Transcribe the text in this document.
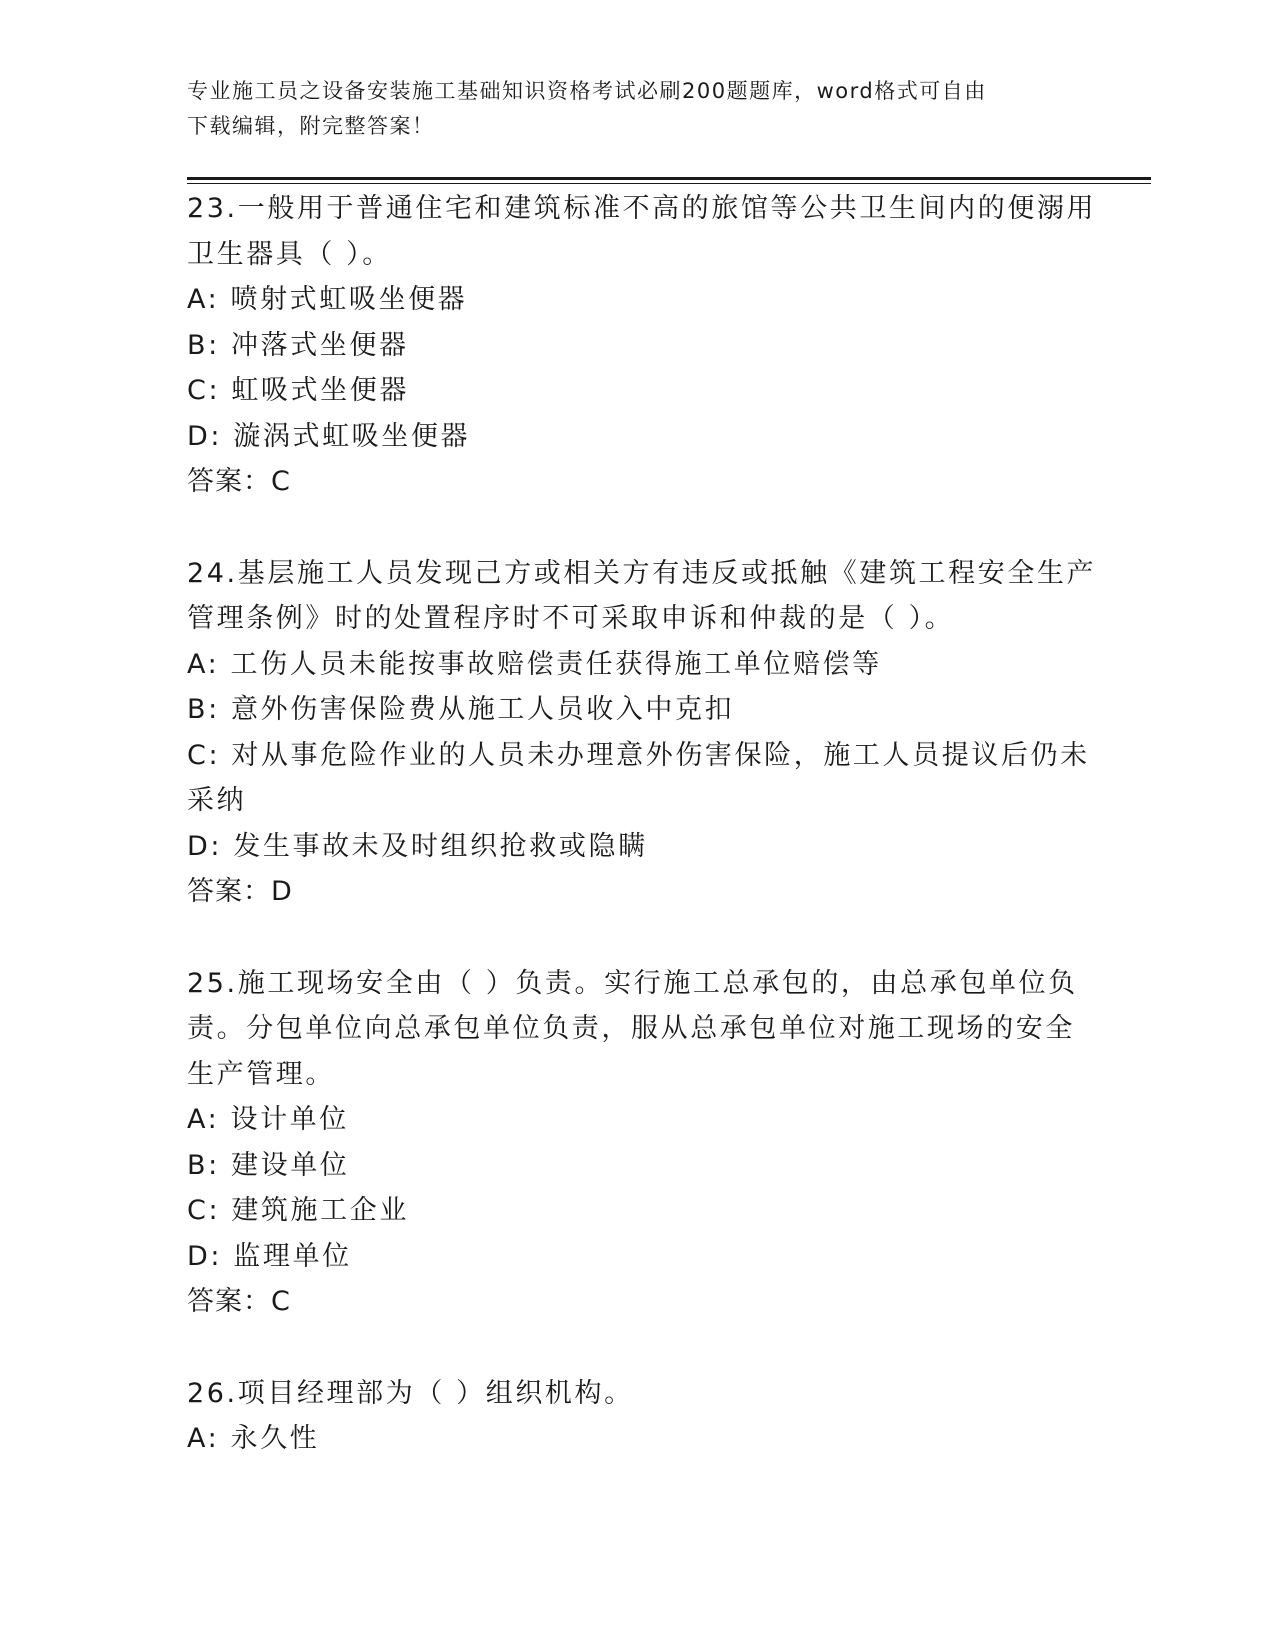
专业施工员之设备安装施工基础知识资格考试必刷200题题库，word格式可自由
下载编辑，附完整答案！
23.一般用于普通住宅和建筑标准不高的旅馆等公共卫生间内的便溺用
卫生器具（ ）。
A: 喷射式虹吸坐便器
B: 冲落式坐便器
C: 虹吸式坐便器
D: 漩涡式虹吸坐便器
答案：C
24.基层施工人员发现己方或相关方有违反或抵触《建筑工程安全生产
管理条例》时的处置程序时不可采取申诉和仲裁的是（ ）。
A: 工伤人员未能按事故赔偿责任获得施工单位赔偿等
B: 意外伤害保险费从施工人员收入中克扣
C: 对从事危险作业的人员未办理意外伤害保险，施工人员提议后仍未
采纳
D: 发生事故未及时组织抢救或隐瞒
答案：D
25.施工现场安全由（ ）负责。实行施工总承包的，由总承包单位负
责。分包单位向总承包单位负责，服从总承包单位对施工现场的安全
生产管理。
A: 设计单位
B: 建设单位
C: 建筑施工企业
D: 监理单位
答案：C
26.项目经理部为（ ）组织机构。
A: 永久性
